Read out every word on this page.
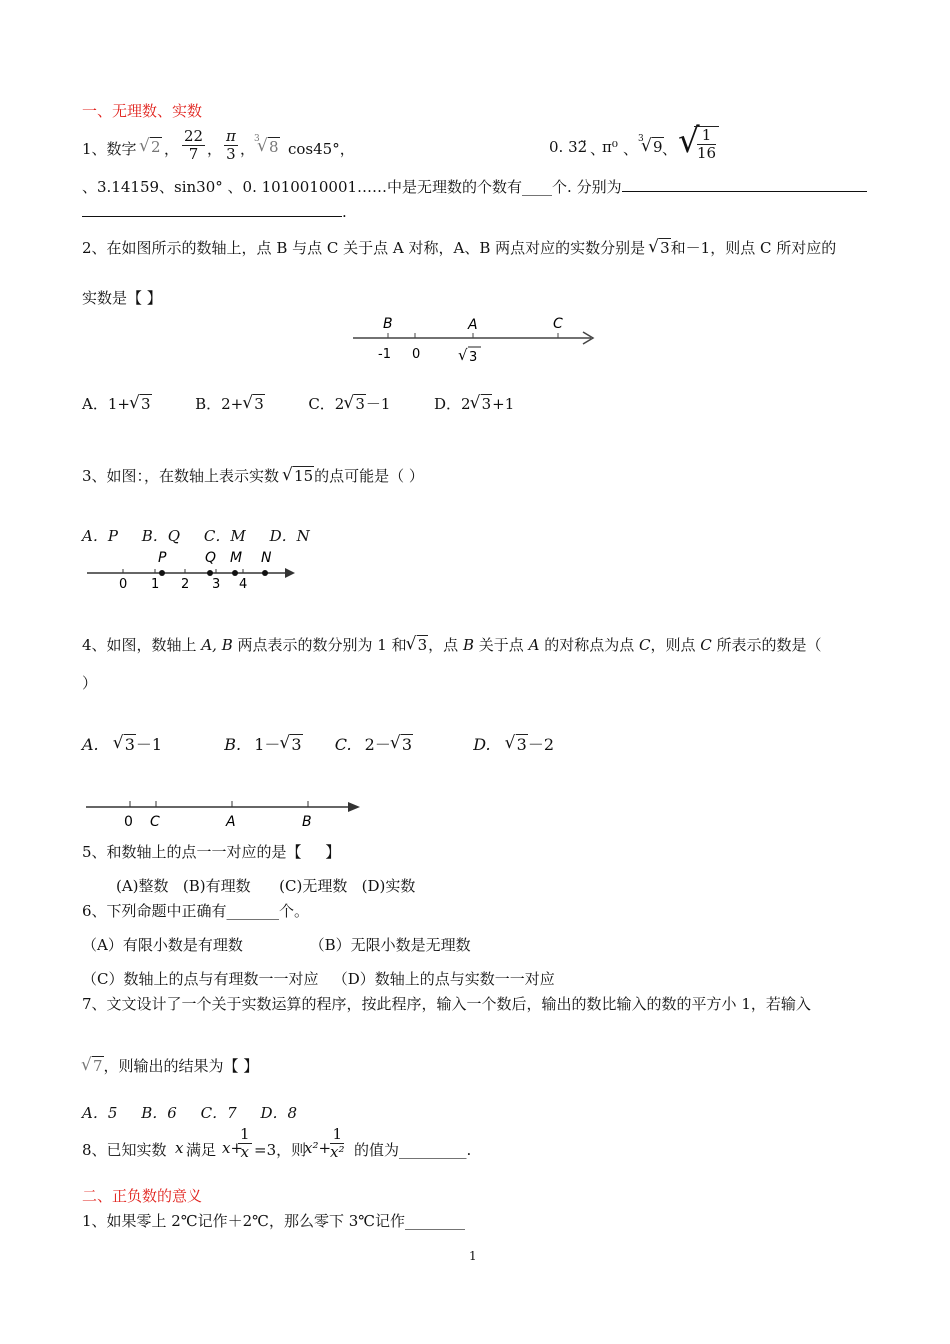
一、无理数、实数
1、数字 √ 2 ， $\frac{22}{7}$ ， $\frac{\pi}{3}$ ，
3 √ 8 cos45°，	0. 32̈ 、
π⁰ 、
3 √ 9 、 √
$\frac{1}{16}$
、3.14159、sin30° 、0. 1010010001……中是无理数的个数有____个. 分别为
.
2、在如图所示的数轴上，点 B 与点 C 关于点 A 对称，A、B 两点对应的实数分别是 √ 3和－1，则点 C 所对应的
实数是【 】
B	A	C
-1 0	√ 3
A．1+ √ 3	B．2+ √ 3	C．2 √ 3－1	D．2 √ 3+1
3、如图：，在数轴上表示实数 √ 15的点可能是（ ）
A．P     B．Q     C．M     D．N
P	Q M N
0 1 2 3 4
4、如图，数轴上 A, B 两点表示的数分别为 1 和 √ 3，点 B 关于点 A 的对称点为点 C，则点 C 所表示的数是（
）
A. √ 3－1	B. 1－ √ 3 C. 2－ √ 3	D. √ 3－2
0 C	A	B
5、和数轴上的点一一对应的是【     】
(A)整数   (B)有理数      (C)无理数   (D)实数
6、下列命题中正确有_______个。
（A）有限小数是有理数              （B）无限小数是无理数
（C）数轴上的点与有理数一一对应   （D）数轴上的点与实数一一对应
7、文文设计了一个关于实数运算的程序，按此程序，输入一个数后，输出的数比输入的数的平方小 1，若输入
√ 7，则输出的结果为【 】
A．5     B．6     C．7     D．8
8、已知实数 x 满足 x+
$\frac{1}{x} =3$，则
x²+
$\frac{1}{\text{x²}}$ 的值为_________.
二、正负数的意义
1、如果零上 2℃记作＋2℃，那么零下 3℃记作________
1
